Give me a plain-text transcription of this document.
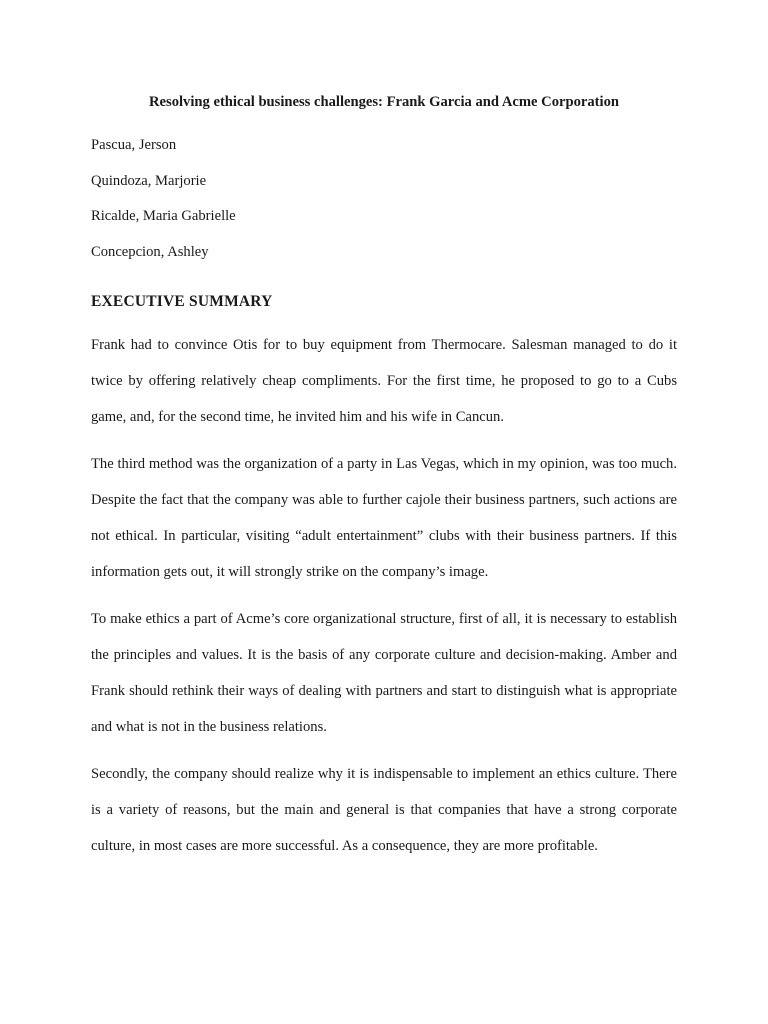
Resolving ethical business challenges: Frank Garcia and Acme Corporation

Pascua, Jerson

Quindoza, Marjorie

Ricalde, Maria Gabrielle

Concepcion, Ashley

EXECUTIVE SUMMARY

Frank had to convince Otis for to buy equipment from Thermocare. Salesman managed to do it twice by offering relatively cheap compliments. For the first time, he proposed to go to a Cubs game, and, for the second time, he invited him and his wife in Cancun.

The third method was the organization of a party in Las Vegas, which in my opinion, was too much. Despite the fact that the company was able to further cajole their business partners, such actions are not ethical. In particular, visiting “adult entertainment” clubs with their business partners. If this information gets out, it will strongly strike on the company’s image.

To make ethics a part of Acme’s core organizational structure, first of all, it is necessary to establish the principles and values. It is the basis of any corporate culture and decision-making. Amber and Frank should rethink their ways of dealing with partners and start to distinguish what is appropriate and what is not in the business relations.

Secondly, the company should realize why it is indispensable to implement an ethics culture. There is a variety of reasons, but the main and general is that companies that have a strong corporate culture, in most cases are more successful. As a consequence, they are more profitable.
